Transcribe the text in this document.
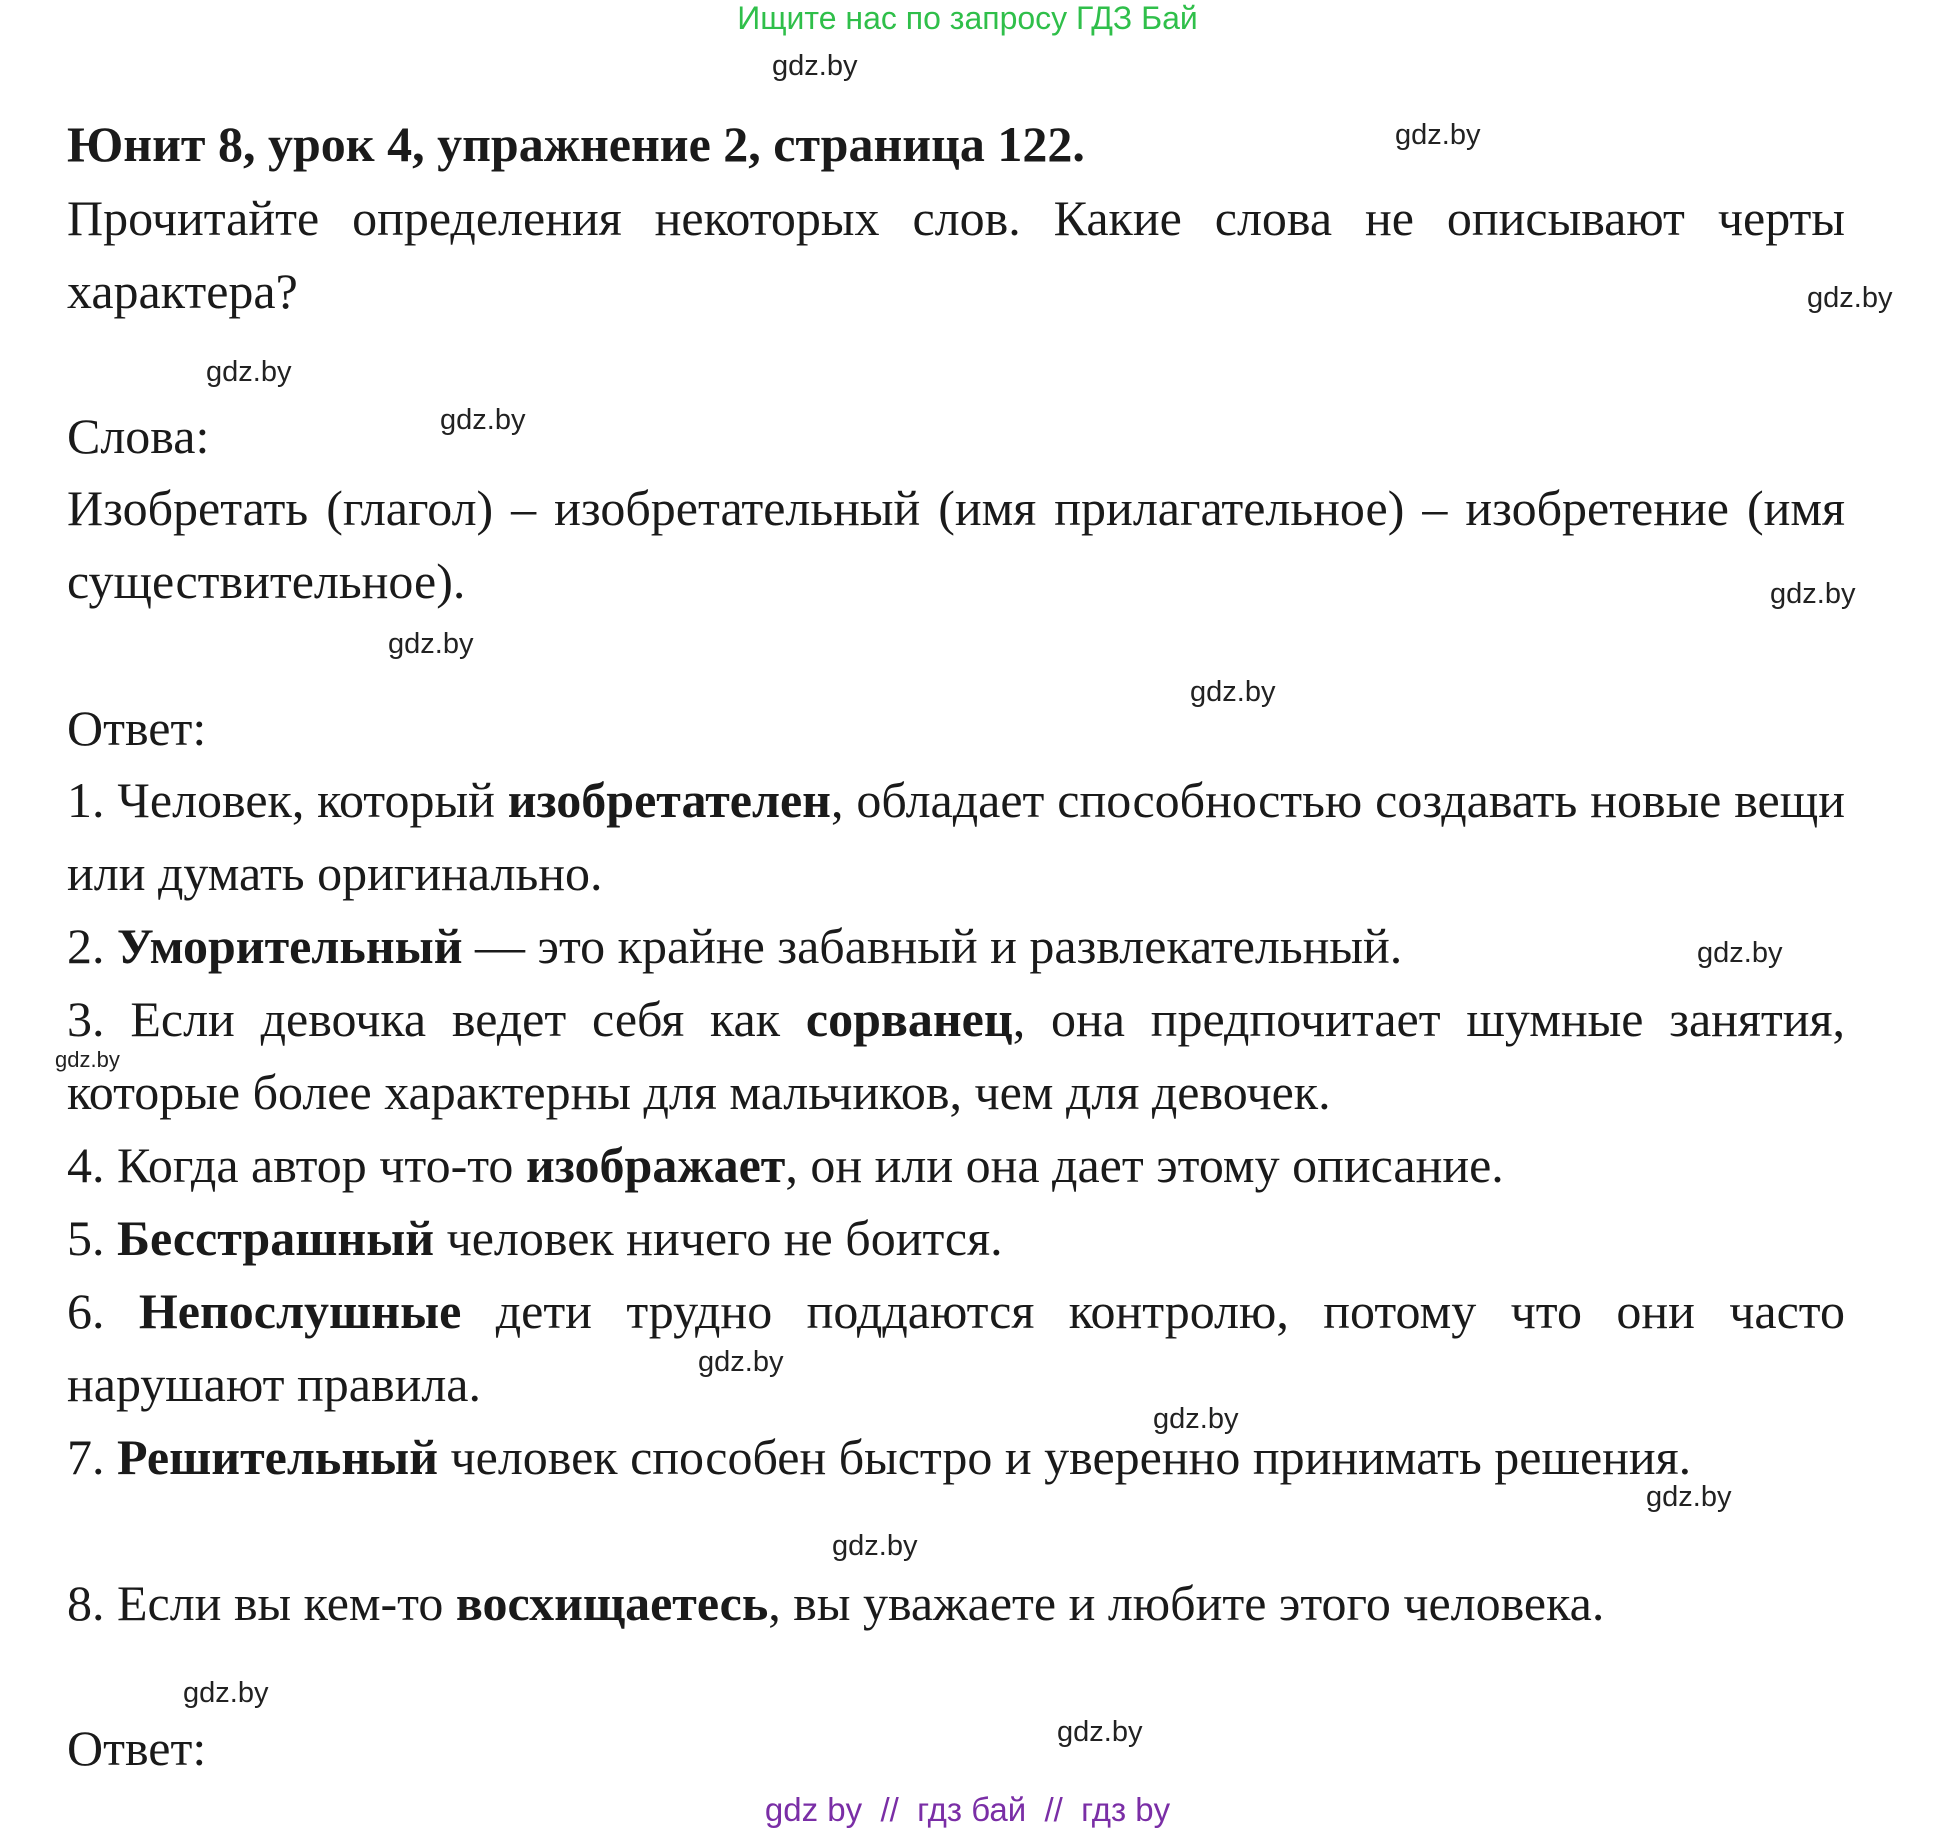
Ищите нас по запросу ГДЗ Бай
gdz.by
gdz.by
gdz.by
gdz.by
gdz.by
gdz.by
gdz.by
gdz.by
gdz.by
gdz.by
gdz.by
gdz.by
gdz.by
gdz.by
gdz.by
gdz.by
Юнит 8, урок 4, упражнение 2, страница 122.
Прочитайте определения некоторых слов. Какие слова не описывают черты характера?
Слова:
Изобретать (глагол) – изобретательный (имя прилагательное) – изобретение (имя существительное).
Ответ:
1. Человек, который изобретателен, обладает способностью создавать новые вещи или думать оригинально.
2. Уморительный — это крайне забавный и развлекательный.
3. Если девочка ведет себя как сорванец, она предпочитает шумные занятия, которые более характерны для мальчиков, чем для девочек.
4. Когда автор что-то изображает, он или она дает этому описание.
5. Бесстрашный человек ничего не боится.
6. Непослушные дети трудно поддаются контролю, потому что они часто нарушают правила.
7. Решительный человек способен быстро и уверенно принимать решения.
8. Если вы кем-то восхищаетесь, вы уважаете и любите этого человека.
Ответ:
gdz by  //  гдз бай  //  гдз by
